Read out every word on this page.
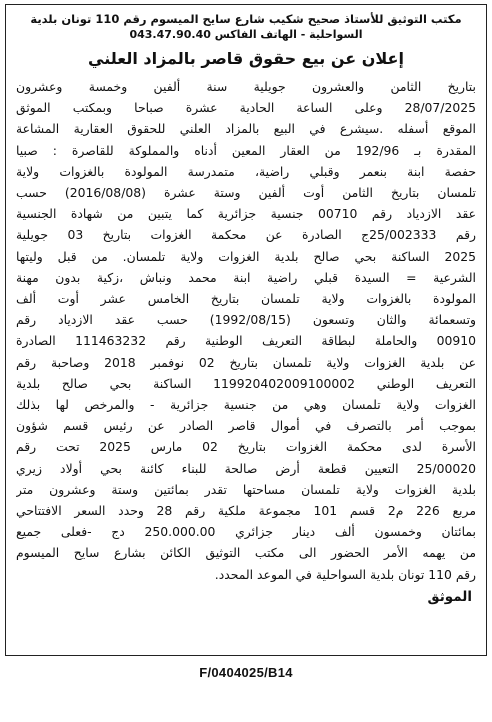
مكتب التوثيق للأستاذ صحيح شكيب شارع سايح الميسوم رقم 110 تونان بلدية
السواحلية - الهاتف الفاكس 043.47.90.40
إعلان عن بيع حقوق قاصر بالمزاد العلني
بتاريخ الثامن والعشرون جويلية سنة ألفين وخمسة وعشرون
28/07/2025 وعلى الساعة الحادية عشرة صباحا وبمكتب الموثق
الموقع أسفله .سيشرع في البيع بالمزاد العلني للحقوق العقارية المشاعة
المقدرة بـ 192/96 من العقار المعين أدناه والمملوكة للقاصرة : صبيا
حفصة ابنة بنعمر وقبلي راضية، متمدرسة المولودة بالغزوات ولاية
تلمسان بتاريخ الثامن أوت ألفين وستة عشرة (2016/08/08) حسب
عقد الازدياد رقم 00710 جنسية جزائرية كما يتبين من شهادة الجنسية
رقم 25/002333ج الصادرة عن محكمة الغزوات بتاريخ 03 جويلية
2025 الساكنة بحي صالح بلدية الغزوات ولاية تلمسان. من قبل وليتها
الشرعية = السيدة قبلي راضية ابنة محمد ونباش ،زكية بدون مهنة
المولودة بالغزوات ولاية تلمسان بتاريخ الخامس عشر أوت ألف
وتسعمائة والثان وتسعون (1992/08/15) حسب عقد الازدياد رقم
00910 والحاملة لبطاقة التعريف الوطنية رقم 111463232 الصادرة
عن بلدية الغزوات ولاية تلمسان بتاريخ 02 نوفمبر 2018 وصاحبة رقم
التعريف الوطني 119920402009100002 الساكنة بحي صالح بلدية
الغزوات ولاية تلمسان وهي من جنسية جزائرية - والمرخص لها بذلك
بموجب أمر بالتصرف في أموال قاصر الصادر عن رئيس قسم شؤون
الأسرة لدى محكمة الغزوات بتاريخ 02 مارس 2025 تحت رقم
25/00020 التعيين قطعة أرض صالحة للبناء كائنة بحي أولاد زيري
بلدية الغزوات ولاية تلمسان مساحتها تقدر بمائتين وستة وعشرون متر
مربع 226 م2 قسم 101 مجموعة ملكية رقم 28 وحدد السعر الافتتاحي
بمائتان وخمسون ألف دينار جزائري 250.000.00 دج -فعلى جميع
من يهمه الأمر الحضور الى مكتب التوثيق الكائن بشارع سايح الميسوم
رقم 110 تونان بلدية السواحلية في الموعد المحدد.
الموثق
F/0404025/B14
